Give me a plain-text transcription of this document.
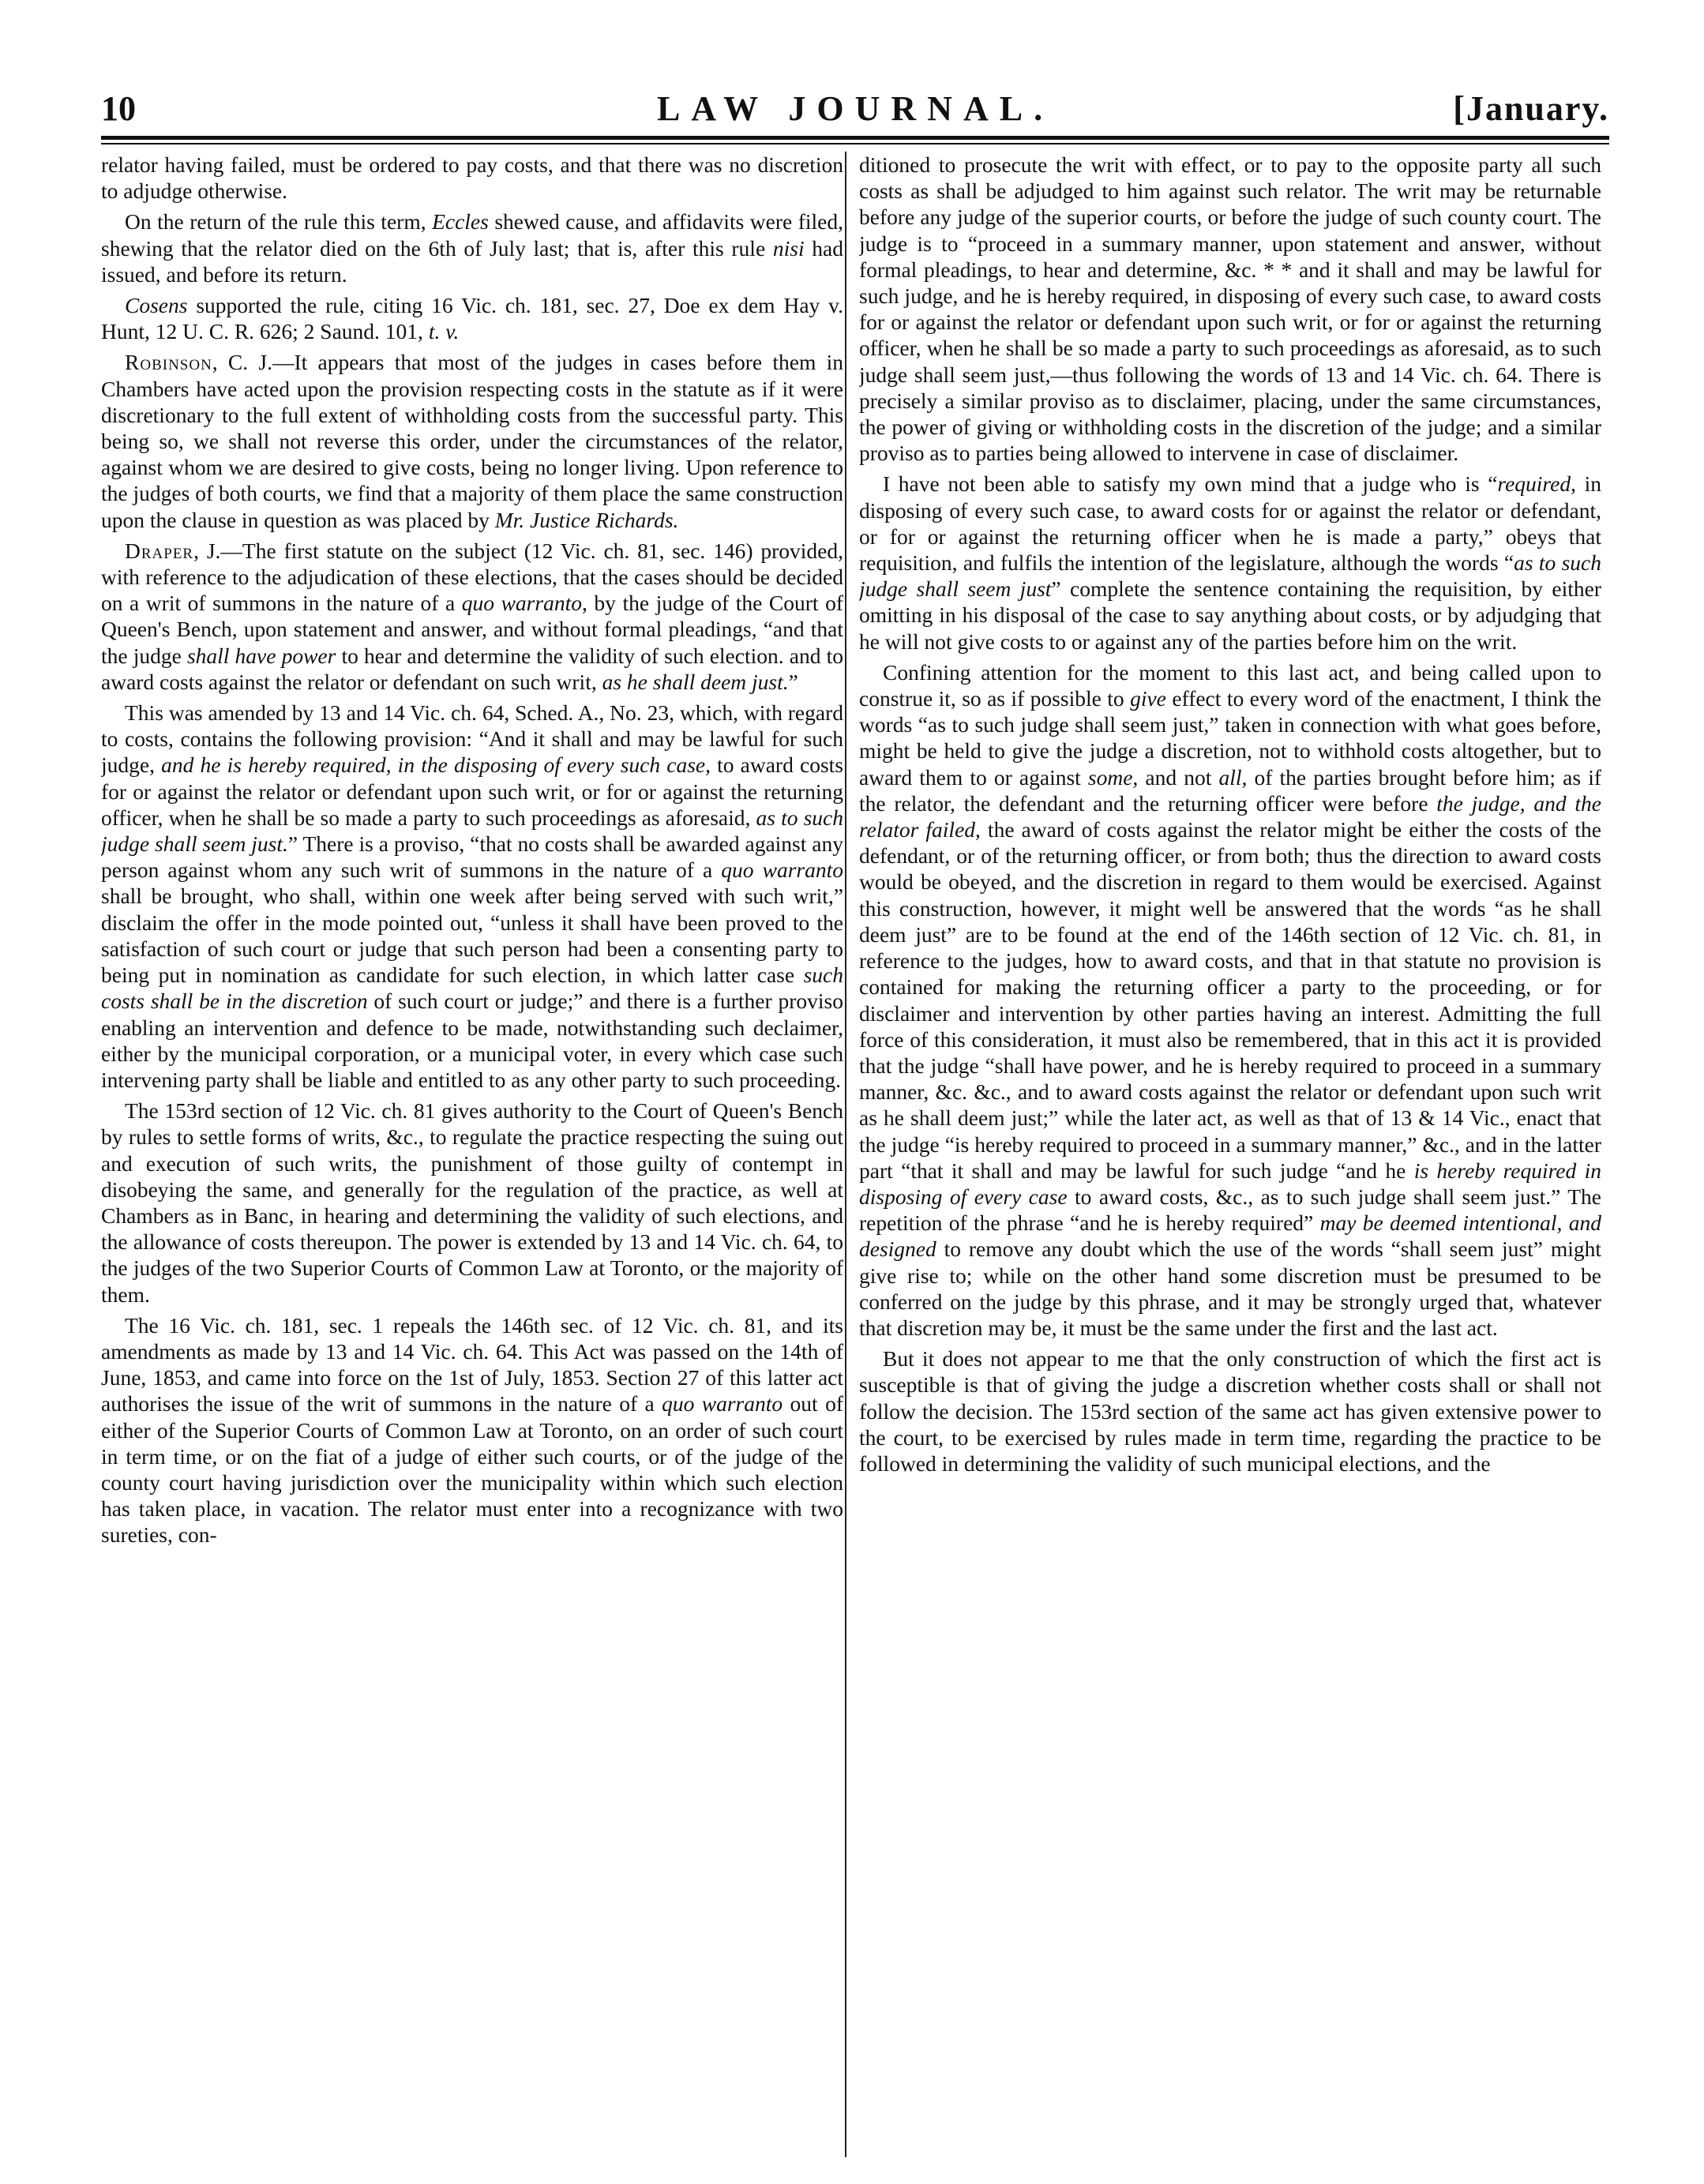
10	LAW JOURNAL.	[January.

relator having failed, must be ordered to pay costs, and that there was no discretion to adjudge otherwise.

On the return of the rule this term, Eccles shewed cause, and affidavits were filed, shewing that the relator died on the 6th of July last; that is, after this rule nisi had issued, and before its return.

Cosens supported the rule, citing 16 Vic. ch. 181, sec. 27, Doe ex dem Hay v. Hunt, 12 U. C. R. 626; 2 Saund. 101, t. v.

Robinson, C. J.—It appears that most of the judges in cases before them in Chambers have acted upon the provision respecting costs in the statute as if it were discretionary to the full extent of withholding costs from the successful party. This being so, we shall not reverse this order, under the circumstances of the relator, against whom we are desired to give costs, being no longer living. Upon reference to the judges of both courts, we find that a majority of them place the same construction upon the clause in question as was placed by Mr. Justice Richards.

Draper, J.—The first statute on the subject (12 Vic. ch. 81, sec. 146) provided, with reference to the adjudication of these elections, that the cases should be decided on a writ of summons in the nature of a quo warranto, by the judge of the Court of Queen's Bench, upon statement and answer, and without formal pleadings, “and that the judge shall have power to hear and determine the validity of such election. and to award costs against the relator or defendant on such writ, as he shall deem just.”

This was amended by 13 and 14 Vic. ch. 64, Sched. A., No. 23, which, with regard to costs, contains the following provision: “And it shall and may be lawful for such judge, and he is hereby required, in the disposing of every such case, to award costs for or against the relator or defendant upon such writ, or for or against the returning officer, when he shall be so made a party to such proceedings as aforesaid, as to such judge shall seem just.” There is a proviso, “that no costs shall be awarded against any person against whom any such writ of summons in the nature of a quo warranto shall be brought, who shall, within one week after being served with such writ,” disclaim the offer in the mode pointed out, “unless it shall have been proved to the satisfaction of such court or judge that such person had been a consenting party to being put in nomination as candidate for such election, in which latter case such costs shall be in the discretion of such court or judge;” and there is a further proviso enabling an intervention and defence to be made, notwithstanding such declaimer, either by the municipal corporation, or a municipal voter, in every which case such intervening party shall be liable and entitled to as any other party to such proceeding.

The 153rd section of 12 Vic. ch. 81 gives authority to the Court of Queen's Bench by rules to settle forms of writs, &c., to regulate the practice respecting the suing out and execution of such writs, the punishment of those guilty of contempt in disobeying the same, and generally for the regulation of the practice, as well at Chambers as in Banc, in hearing and determining the validity of such elections, and the allowance of costs thereupon. The power is extended by 13 and 14 Vic. ch. 64, to the judges of the two Superior Courts of Common Law at Toronto, or the majority of them.

The 16 Vic. ch. 181, sec. 1 repeals the 146th sec. of 12 Vic. ch. 81, and its amendments as made by 13 and 14 Vic. ch. 64. This Act was passed on the 14th of June, 1853, and came into force on the 1st of July, 1853. Section 27 of this latter act authorises the issue of the writ of summons in the nature of a quo warranto out of either of the Superior Courts of Common Law at Toronto, on an order of such court in term time, or on the fiat of a judge of either such courts, or of the judge of the county court having jurisdiction over the municipality within which such election has taken place, in vacation. The relator must enter into a recognizance with two sureties, con-

ditioned to prosecute the writ with effect, or to pay to the opposite party all such costs as shall be adjudged to him against such relator. The writ may be returnable before any judge of the superior courts, or before the judge of such county court. The judge is to “proceed in a summary manner, upon statement and answer, without formal pleadings, to hear and determine, &c. * * and it shall and may be lawful for such judge, and he is hereby required, in disposing of every such case, to award costs for or against the relator or defendant upon such writ, or for or against the returning officer, when he shall be so made a party to such proceedings as aforesaid, as to such judge shall seem just,—thus following the words of 13 and 14 Vic. ch. 64. There is precisely a similar proviso as to disclaimer, placing, under the same circumstances, the power of giving or withholding costs in the discretion of the judge; and a similar proviso as to parties being allowed to intervene in case of disclaimer.

I have not been able to satisfy my own mind that a judge who is “required, in disposing of every such case, to award costs for or against the relator or defendant, or for or against the returning officer when he is made a party,” obeys that requisition, and fulfils the intention of the legislature, although the words “as to such judge shall seem just” complete the sentence containing the requisition, by either omitting in his disposal of the case to say anything about costs, or by adjudging that he will not give costs to or against any of the parties before him on the writ.

Confining attention for the moment to this last act, and being called upon to construe it, so as if possible to give effect to every word of the enactment, I think the words “as to such judge shall seem just,” taken in connection with what goes before, might be held to give the judge a discretion, not to withhold costs altogether, but to award them to or against some, and not all, of the parties brought before him; as if the relator, the defendant and the returning officer were before the judge, and the relator failed, the award of costs against the relator might be either the costs of the defendant, or of the returning officer, or from both; thus the direction to award costs would be obeyed, and the discretion in regard to them would be exercised. Against this construction, however, it might well be answered that the words “as he shall deem just” are to be found at the end of the 146th section of 12 Vic. ch. 81, in reference to the judges, how to award costs, and that in that statute no provision is contained for making the returning officer a party to the proceeding, or for disclaimer and intervention by other parties having an interest. Admitting the full force of this consideration, it must also be remembered, that in this act it is provided that the judge “shall have power, and he is hereby required to proceed in a summary manner, &c. &c., and to award costs against the relator or defendant upon such writ as he shall deem just;” while the later act, as well as that of 13 & 14 Vic., enact that the judge “is hereby required to proceed in a summary manner,” &c., and in the latter part “that it shall and may be lawful for such judge “and he is hereby required in disposing of every case to award costs, &c., as to such judge shall seem just.” The repetition of the phrase “and he is hereby required” may be deemed intentional, and designed to remove any doubt which the use of the words “shall seem just” might give rise to; while on the other hand some discretion must be presumed to be conferred on the judge by this phrase, and it may be strongly urged that, whatever that discretion may be, it must be the same under the first and the last act.

But it does not appear to me that the only construction of which the first act is susceptible is that of giving the judge a discretion whether costs shall or shall not follow the decision. The 153rd section of the same act has given extensive power to the court, to be exercised by rules made in term time, regarding the practice to be followed in determining the validity of such municipal elections, and the
